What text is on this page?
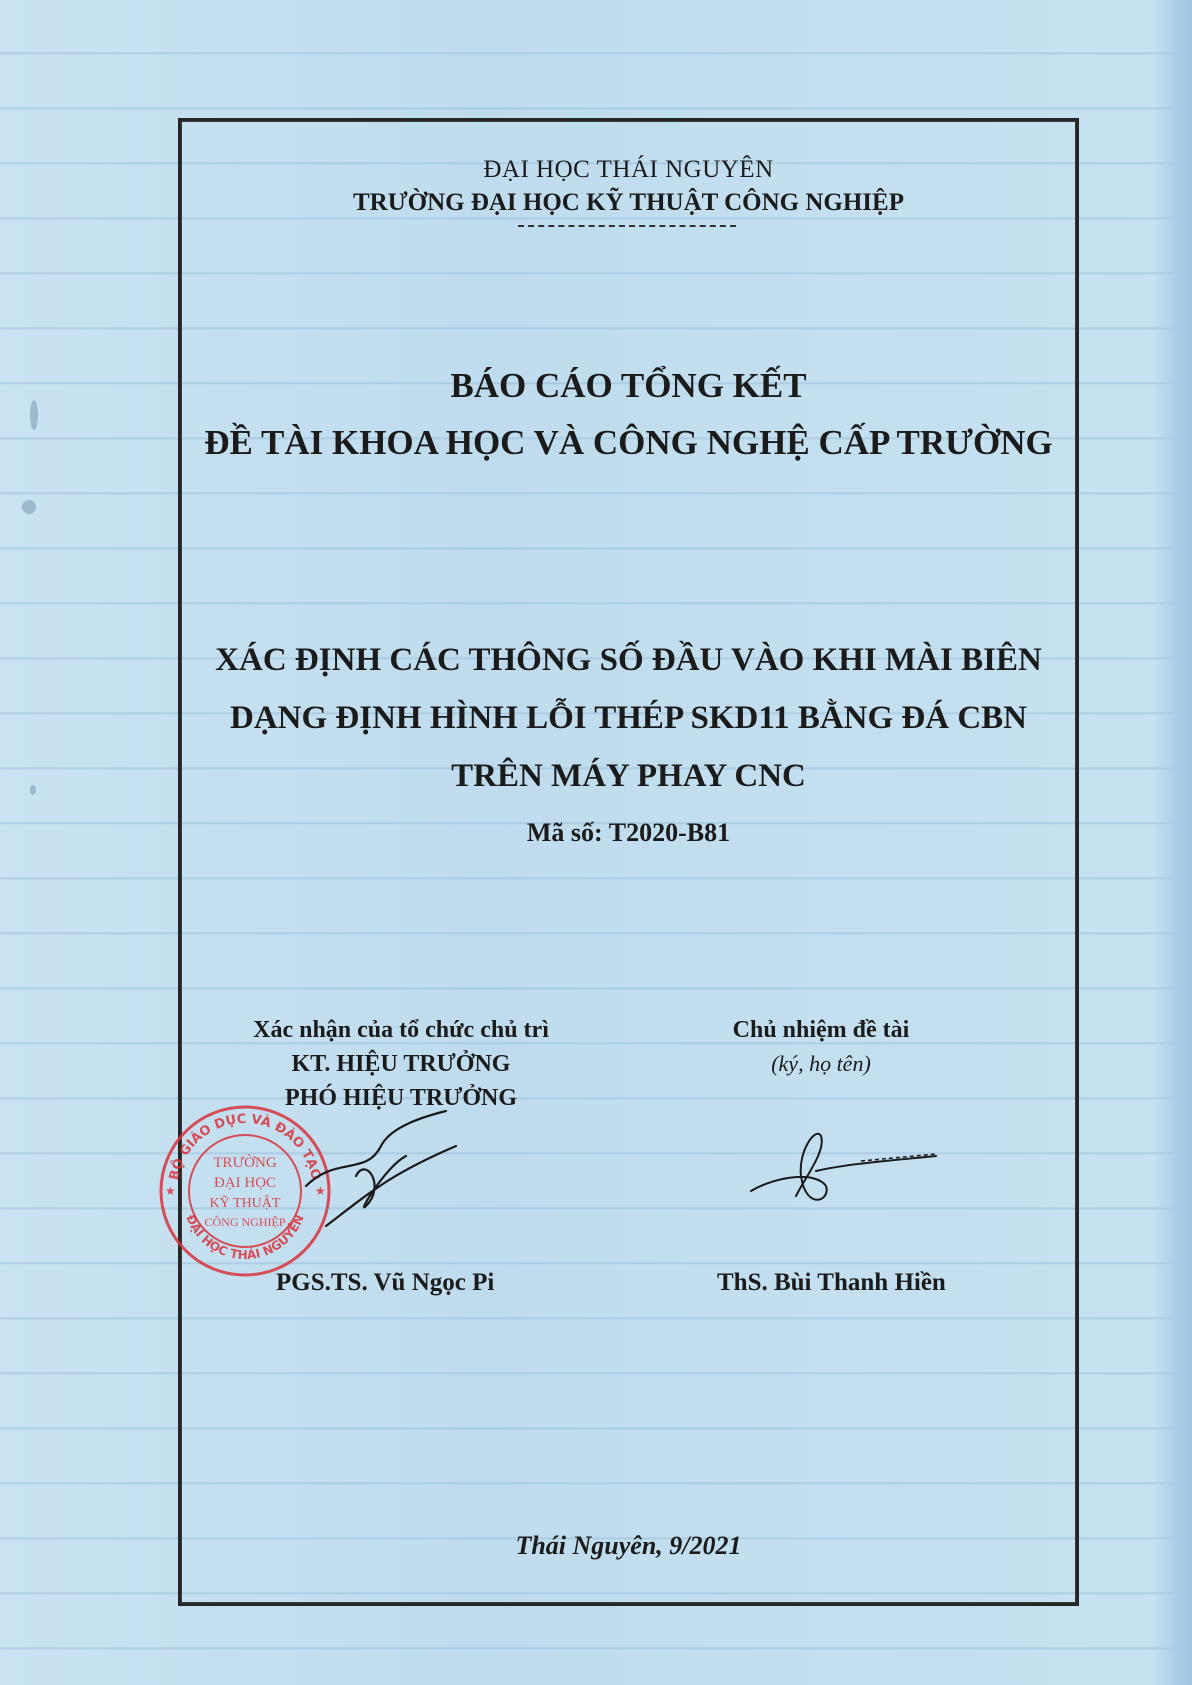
ĐẠI HỌC THÁI NGUYÊN
TRƯỜNG ĐẠI HỌC KỸ THUẬT CÔNG NGHIỆP
BÁO CÁO TỔNG KẾT
ĐỀ TÀI KHOA HỌC VÀ CÔNG NGHỆ CẤP TRƯỜNG
XÁC ĐỊNH CÁC THÔNG SỐ ĐẦU VÀO KHI MÀI BIÊN
DẠNG ĐỊNH HÌNH LỖI THÉP SKD11 BẰNG ĐÁ CBN
TRÊN MÁY PHAY CNC
Mã số: T2020-B81
Xác nhận của tổ chức chủ trì
KT. HIỆU TRƯỞNG
PHÓ HIỆU TRƯỞNG
Chủ nhiệm đề tài
(ký, họ tên)
BỘ GIÁO DỤC VÀ ĐÀO TẠO
ĐẠI HỌC THÁI NGUYÊN
TRƯỜNG
ĐẠI HỌC
KỸ THUẬT
CÔNG NGHIỆP
★
★
PGS.TS. Vũ Ngọc Pi	ThS. Bùi Thanh Hiền
Thái Nguyên, 9/2021
